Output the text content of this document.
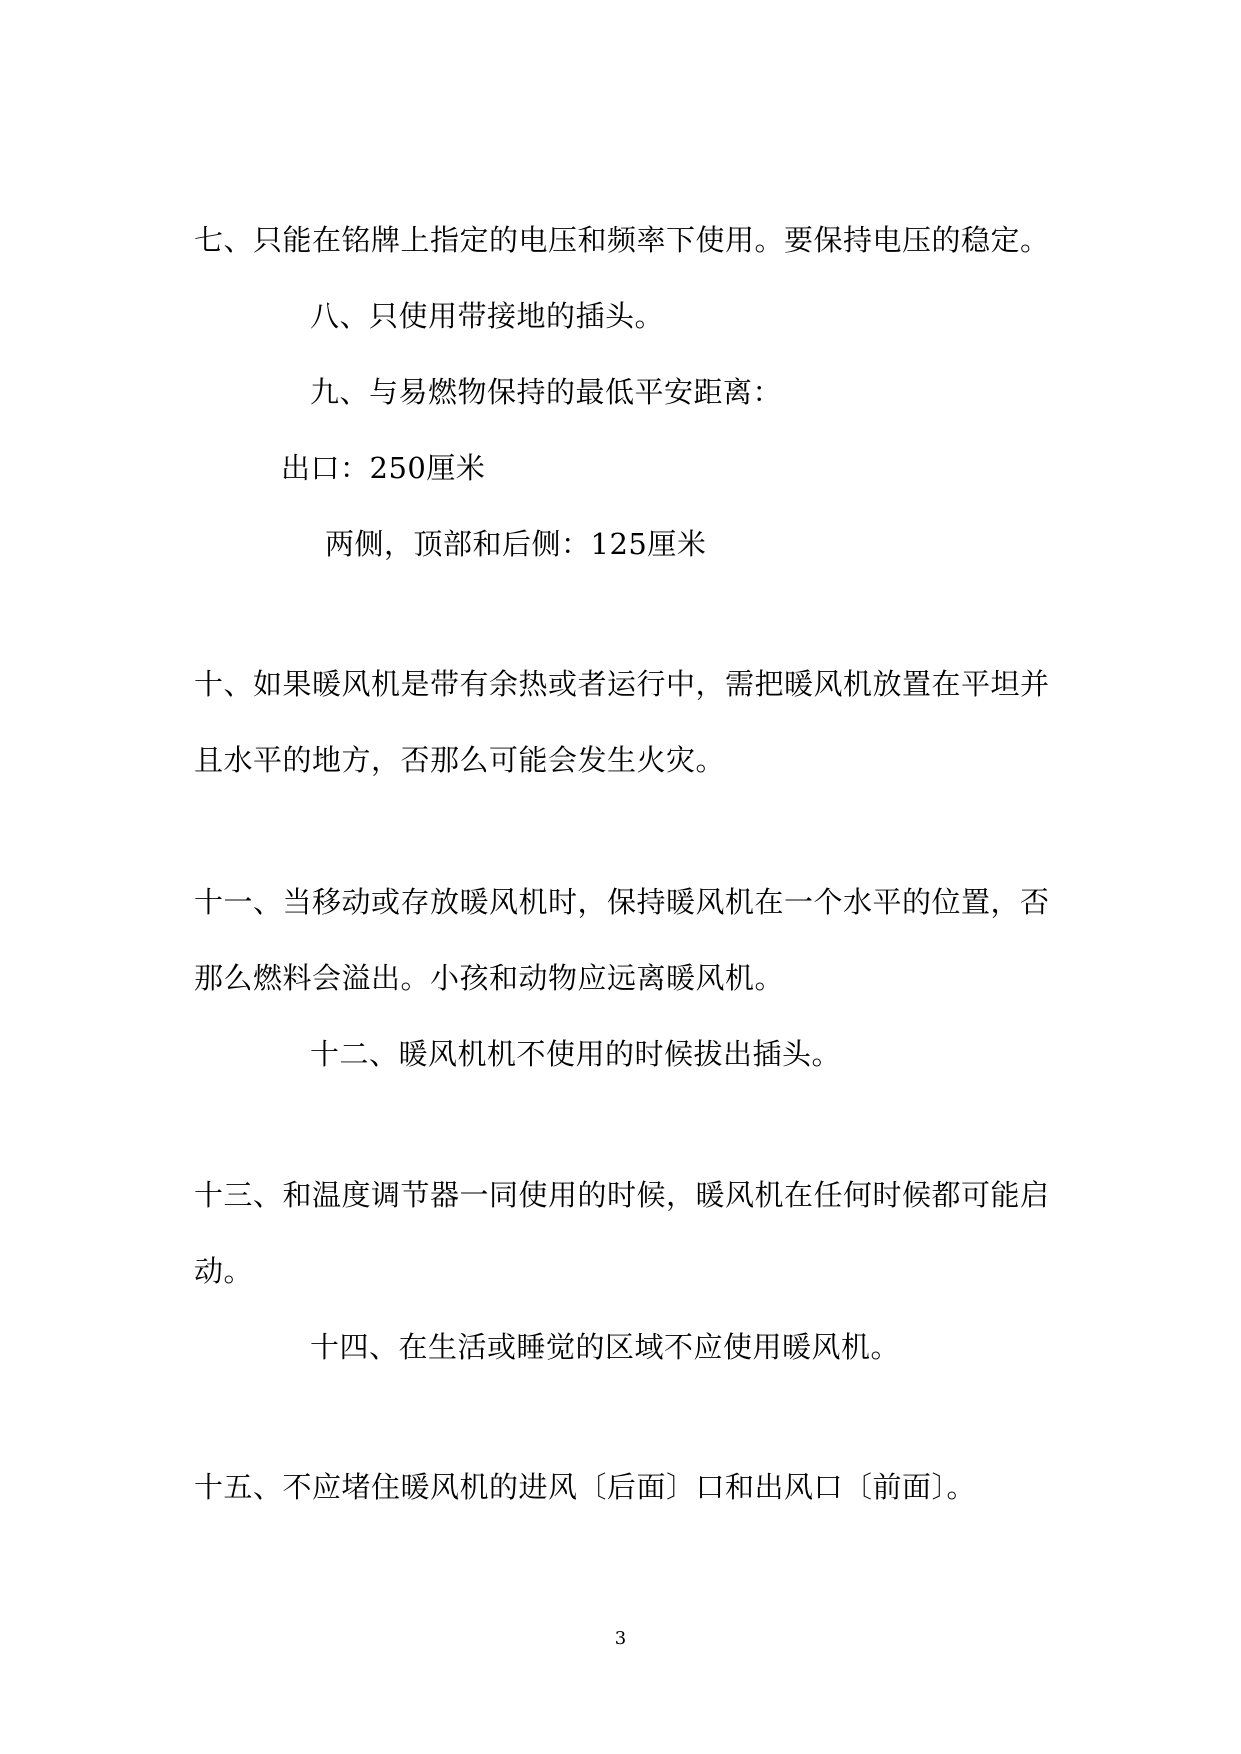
七、只能在铭牌上指定的电压和频率下使用。要保持电压的稳定。
八、只使用带接地的插头。
九、与易燃物保持的最低平安距离：
出口：250厘米
两侧，顶部和后侧：125厘米
十、如果暖风机是带有余热或者运行中，需把暖风机放置在平坦并
且水平的地方，否那么可能会发生火灾。
十一、当移动或存放暖风机时，保持暖风机在一个水平的位置，否
那么燃料会溢出。小孩和动物应远离暖风机。
十二、暖风机机不使用的时候拔出插头。
十三、和温度调节器一同使用的时候，暖风机在任何时候都可能启
动。
十四、在生活或睡觉的区域不应使用暖风机。
十五、不应堵住暖风机的进风〔后面〕口和出风口〔前面〕。
3
